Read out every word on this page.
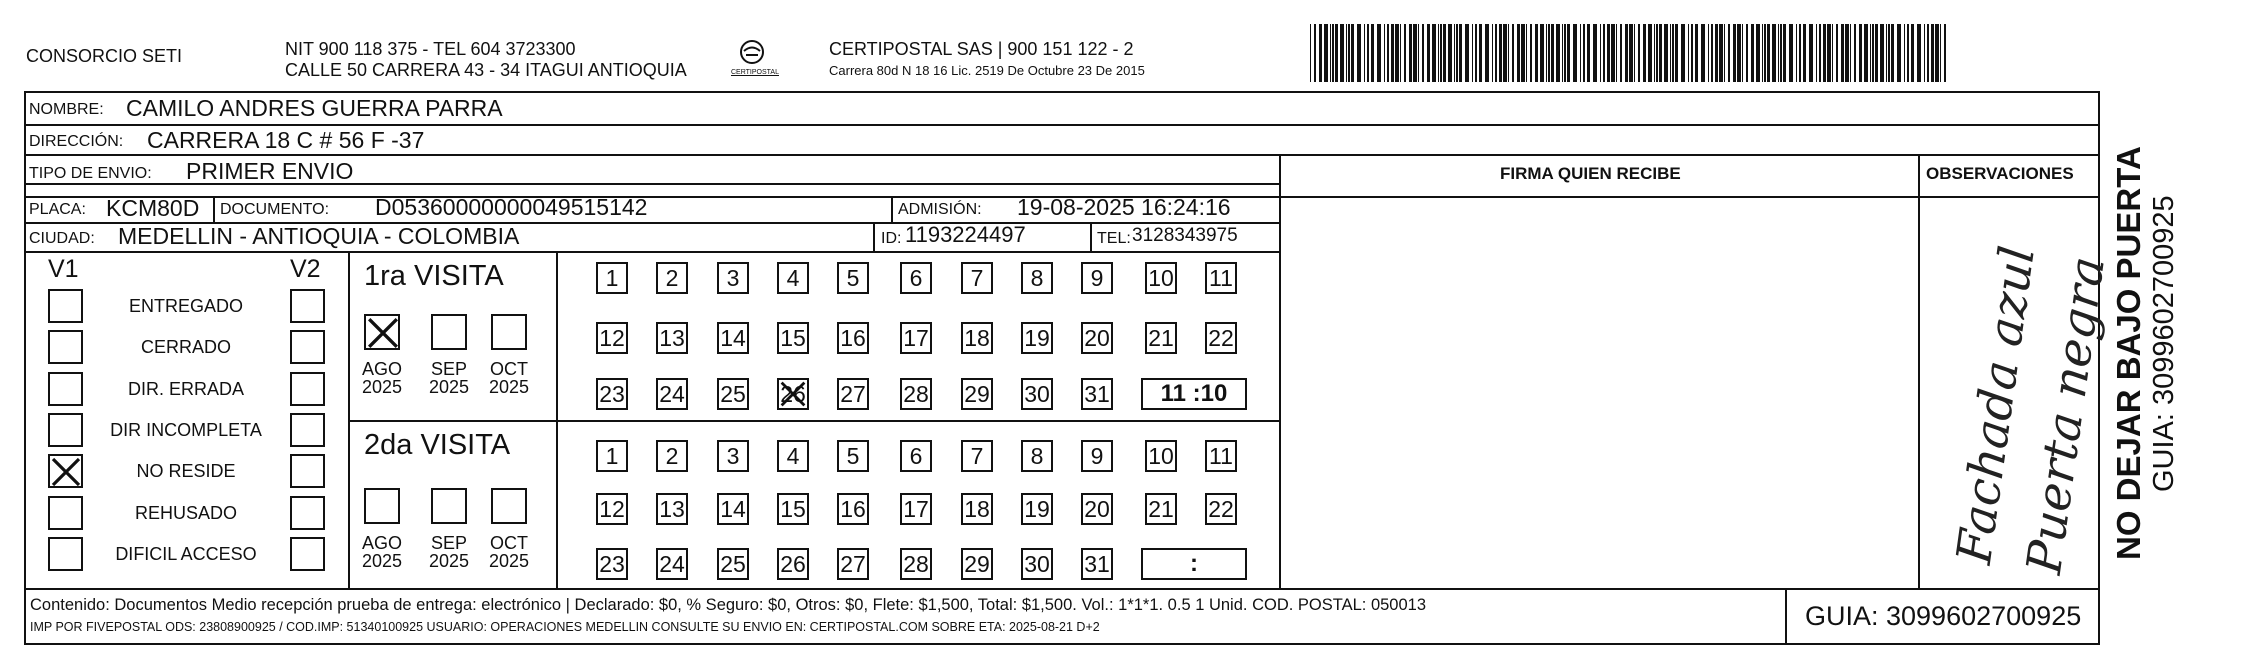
CONSORCIO SETI	NIT 900 118 375 - TEL 604 3723300
CALLE 50 CARRERA 43 - 34 ITAGUI ANTIOQUIA	CERTIPOSTAL
CERTIPOSTAL SAS | 900 151 122 - 2
Carrera 80d N 18 16 Lic. 2519 De Octubre 23 De 2015
NOMBRE: CAMILO ANDRES GUERRA PARRA
DIRECCIÓN: CARRERA 18 C # 56 F -37
TIPO DE ENVIO: PRIMER ENVIO
PLACA: KCM80D DOCUMENTO: D05360000000049515142	ADMISIÓN: 19-08-2025 16:24:16
CIUDAD: MEDELLIN - ANTIOQUIA - COLOMBIA	ID: 1193224497	TEL: 3128343975
FIRMA QUIEN RECIBE	OBSERVACIONES
Fachada azul
Puerta negra
V1	V2
ENTREGADO
CERRADO
DIR. ERRADA
DIR INCOMPLETA
NO RESIDE
REHUSADO
DIFICIL ACCESO
1ra VISITA
2da VISITA
AGO
2025
SEP
2025
OCT
2025
AGO
2025
SEP
2025
OCT
2025
1	2	3	4	5	6	7	8	9	10 11
12 13 14 15 16 17 18 19 20 21 22
23 24 25 26 27 28 29 30 31	11 :10
1	2	3	4	5	6	7	8	9	10 11
12 13 14 15 16 17 18 19 20 21 22
23 24 25 26 27 28 29 30 31	:
Contenido: Documentos Medio recepción prueba de entrega: electrónico | Declarado: $0, % Seguro: $0, Otros: $0, Flete: $1,500, Total: $1,500. Vol.: 1*1*1. 0.5 1 Unid. COD. POSTAL: 050013
IMP POR FIVEPOSTAL ODS: 23808900925 / COD.IMP: 51340100925 USUARIO: OPERACIONES MEDELLIN CONSULTE SU ENVIO EN: CERTIPOSTAL.COM SOBRE ETA: 2025-08-21 D+2	GUIA: 3099602700925
NO DEJAR BAJO PUERTA GUIA: 3099602700925
